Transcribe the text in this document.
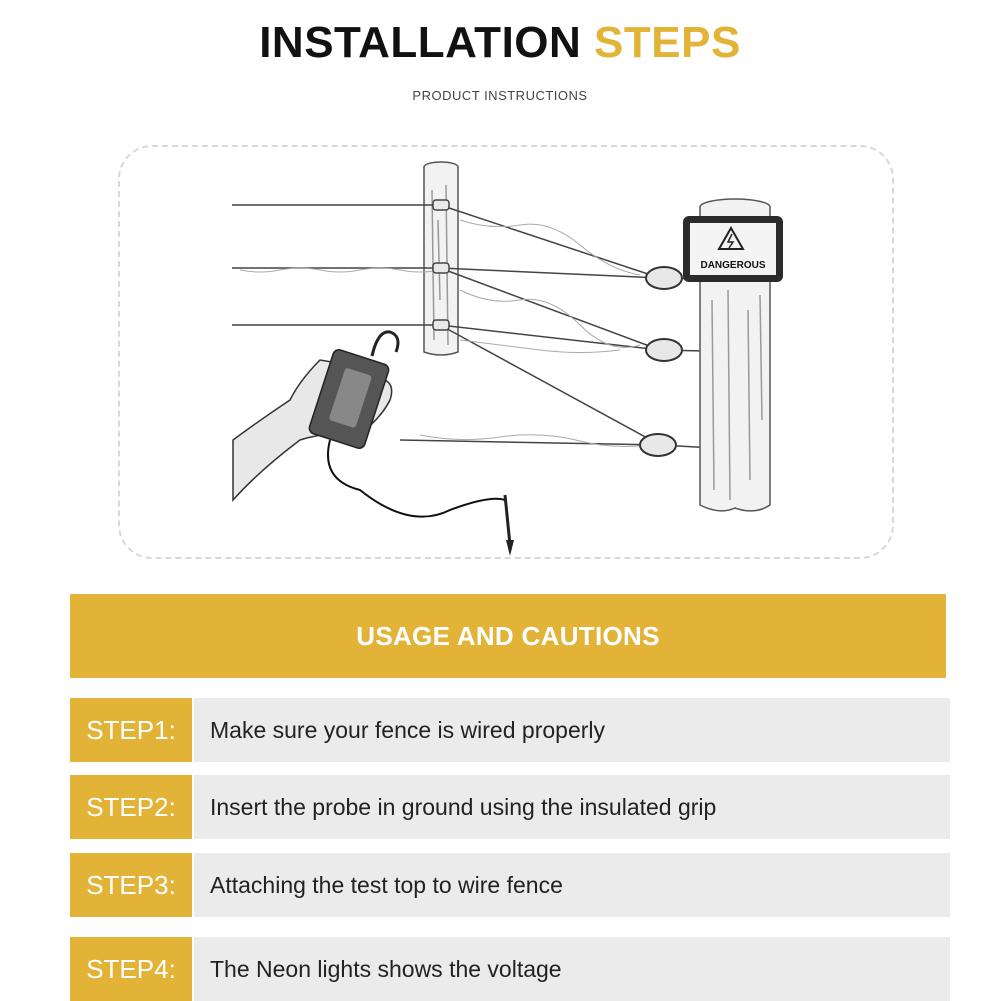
INSTALLATION STEPS
PRODUCT INSTRUCTIONS
DANGEROUS
USAGE AND CAUTIONS
STEP1:	Make sure your fence is wired properly
STEP2:	Insert the probe in ground using the insulated grip
STEP3:	Attaching the test top to wire fence
STEP4:	The Neon lights shows the voltage
